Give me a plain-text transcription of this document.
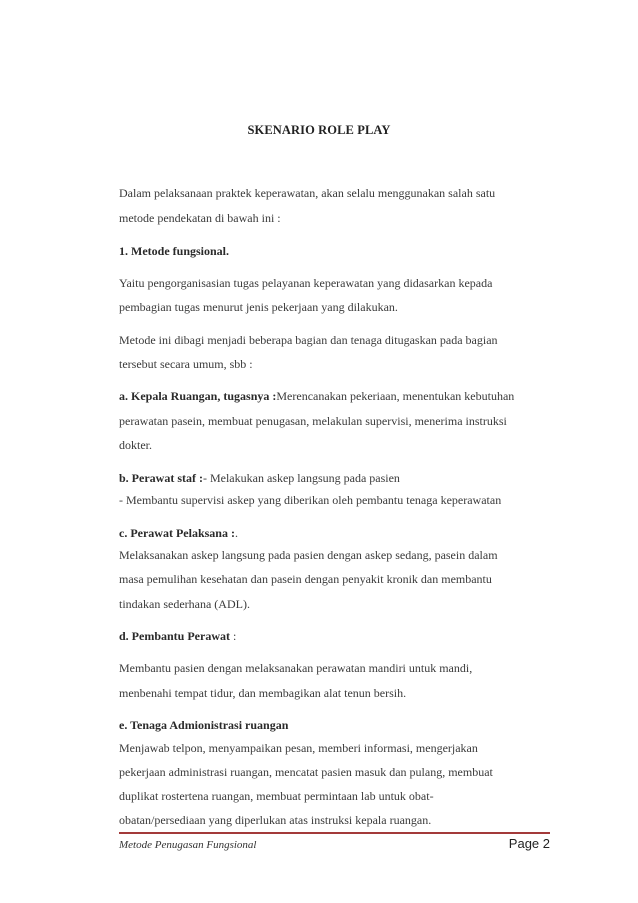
SKENARIO ROLE PLAY
Dalam pelaksanaan praktek keperawatan, akan selalu menggunakan salah satu
metode pendekatan di bawah ini :
1. Metode fungsional.
Yaitu pengorganisasian tugas pelayanan keperawatan yang didasarkan kepada
pembagian tugas menurut jenis pekerjaan yang dilakukan.
Metode ini dibagi menjadi beberapa bagian dan tenaga ditugaskan pada bagian
tersebut secara umum, sbb :
a. Kepala Ruangan, tugasnya :Merencanakan pekeriaan, menentukan kebutuhan
perawatan pasein, membuat penugasan, melakulan supervisi, menerima instruksi
dokter.
b. Perawat staf :- Melakukan askep langsung pada pasien
- Membantu supervisi askep yang diberikan oleh pembantu tenaga keperawatan
c. Perawat Pelaksana :.
Melaksanakan askep langsung pada pasien dengan askep sedang, pasein dalam
masa pemulihan kesehatan dan pasein dengan penyakit kronik dan membantu
tindakan sederhana (ADL).
d. Pembantu Perawat :
Membantu pasien dengan melaksanakan perawatan mandiri untuk mandi,
menbenahi tempat tidur, dan membagikan alat tenun bersih.
e. Tenaga Admionistrasi ruangan
Menjawab telpon, menyampaikan pesan, memberi informasi, mengerjakan
pekerjaan administrasi ruangan, mencatat pasien masuk dan pulang, membuat
duplikat rostertena ruangan, membuat permintaan lab untuk obat-
obatan/persediaan yang diperlukan atas instruksi kepala ruangan.
Metode Penugasan Fungsional	Page 2
